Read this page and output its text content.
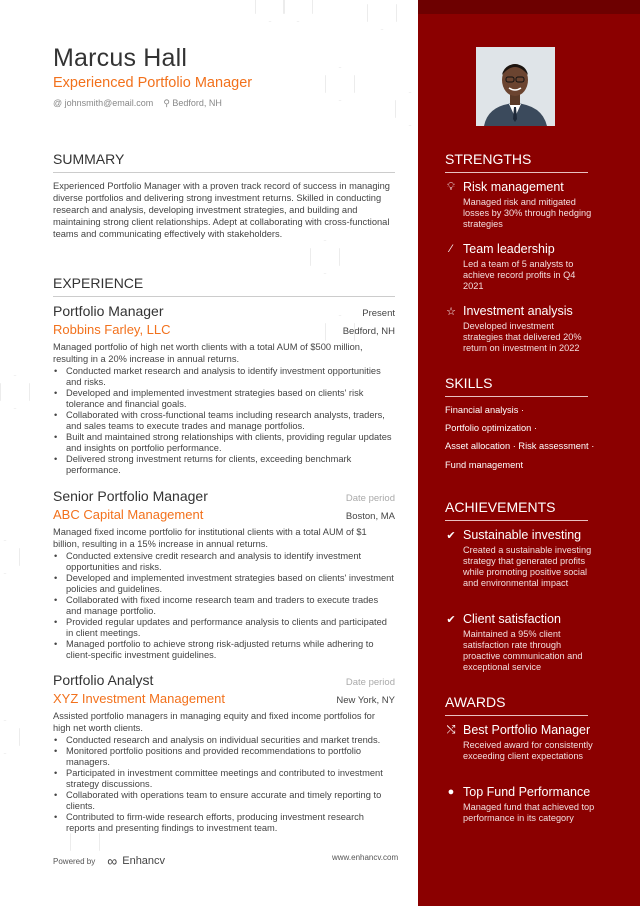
Marcus Hall
Experienced Portfolio Manager
@ johnsmith@email.com ⚲ Bedford, NH
SUMMARY

Experienced Portfolio Manager with a proven track record of success in managing diverse portfolios and delivering strong investment returns. Skilled in conducting research and analysis, developing investment strategies, and building and maintaining strong client relationships. Adept at collaborating with cross-functional teams and communicating effectively with stakeholders.

EXPERIENCE
Portfolio Manager	Present
Robbins Farley, LLC	Bedford, NH

Managed portfolio of high net worth clients with a total AUM of $500 million, resulting in a 20% increase in annual returns.

• Conducted market research and analysis to identify investment opportunities and risks.
• Developed and implemented investment strategies based on clients' risk tolerance and financial goals.
• Collaborated with cross-functional teams including research analysts, traders, and sales teams to execute trades and manage portfolios.
• Built and maintained strong relationships with clients, providing regular updates and insights on portfolio performance.
• Delivered strong investment returns for clients, exceeding benchmark performance.
Senior Portfolio Manager	Date period
ABC Capital Management	Boston, MA

Managed fixed income portfolio for institutional clients with a total AUM of $1 billion, resulting in a 15% increase in annual returns.

• Conducted extensive credit research and analysis to identify investment opportunities and risks.
• Developed and implemented investment strategies based on clients' investment policies and guidelines.
• Collaborated with fixed income research team and traders to execute trades and manage portfolio.
• Provided regular updates and performance analysis to clients and participated in client meetings.
• Managed portfolio to achieve strong risk-adjusted returns while adhering to client-specific investment guidelines.
Portfolio Analyst	Date period
XYZ Investment Management	New York, NY

Assisted portfolio managers in managing equity and fixed income portfolios for high net worth clients.

• Conducted research and analysis on individual securities and market trends.
• Monitored portfolio positions and provided recommendations to portfolio managers.
• Participated in investment committee meetings and contributed to investment strategy discussions.
• Collaborated with operations team to ensure accurate and timely reporting to clients.
• Contributed to firm-wide research efforts, producing investment research reports and presenting findings to investment team.
Powered by ∞ Enhancv	www.enhancv.com
STRENGTHS
💡︎ Risk management

Managed risk and mitigated losses by 30% through hedging strategies

⁄ Team leadership

Led a team of 5 analysts to achieve record profits in Q4 2021

☆ Investment analysis

Developed investment strategies that delivered 20% return on investment in 2022

SKILLS
Financial analysis ·
Portfolio optimization ·
Asset allocation · Risk assessment ·
Fund management
ACHIEVEMENTS
✔ Sustainable investing

Created a sustainable investing strategy that generated profits while promoting positive social and environmental impact

✔ Client satisfaction

Maintained a 95% client satisfaction rate through proactive communication and exceptional service

AWARDS
⤭ Best Portfolio Manager

Received award for consistently exceeding client expectations

● Top Fund Performance

Managed fund that achieved top performance in its category
